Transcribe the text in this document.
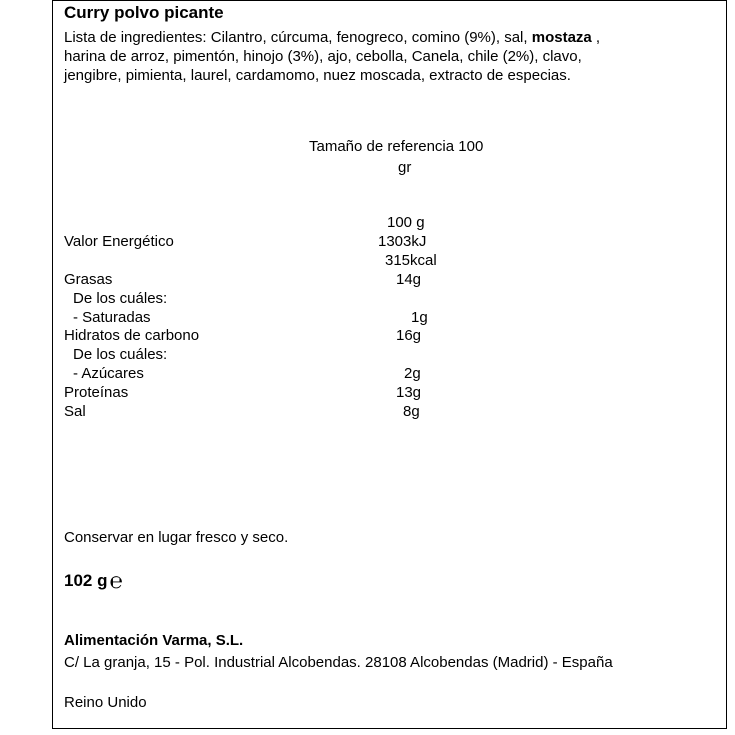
Curry polvo picante
Lista de ingredientes: Cilantro, cúrcuma, fenogreco, comino (9%), sal, mostaza ,
harina de arroz, pimentón, hinojo (3%), ajo, cebolla, Canela, chile (2%), clavo,
jengibre, pimienta, laurel, cardamomo, nuez moscada, extracto de especias.
Tamaño de referencia 100
gr
100 g
Valor Energético	1303kJ
315kcal
Grasas	14g
De los cuáles:
- Saturadas	1g
Hidratos de carbono	16g
De los cuáles:
- Azúcares	2g
Proteínas	13g
Sal	8g
Conservar en lugar fresco y seco.
102 g℮
Alimentación Varma, S.L.
C/ La granja, 15 - Pol. Industrial Alcobendas. 28108 Alcobendas (Madrid) - España
Reino Unido
